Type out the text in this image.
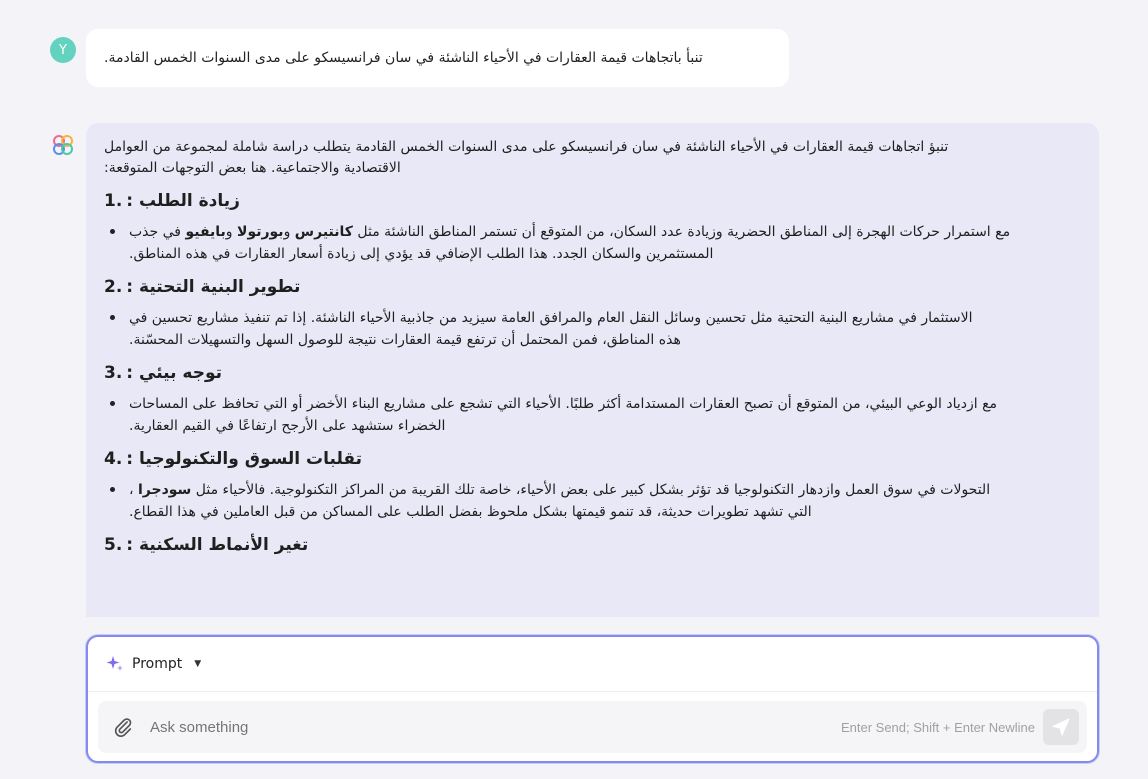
Y	تنبأ باتجاهات قيمة العقارات في الأحياء الناشئة في سان فرانسيسكو على مدى السنوات الخمس القادمة.

تنبؤ اتجاهات قيمة العقارات في الأحياء الناشئة في سان فرانسيسكو على مدى السنوات الخمس القادمة يتطلب دراسة شاملة لمجموعة من العوامل

الاقتصادية والاجتماعية. هنا بعض التوجهات المتوقعة:

1. زيادة الطلب :

مع استمرار حركات الهجرة إلى المناطق الحضرية وزيادة عدد السكان، من المتوقع أن تستمر المناطق الناشئة مثل كانتيرس وبورتولا وبايفيو في جذب

المستثمرين والسكان الجدد. هذا الطلب الإضافي قد يؤدي إلى زيادة أسعار العقارات في هذه المناطق.

2. تطوير البنية التحتية :

الاستثمار في مشاريع البنية التحتية مثل تحسين وسائل النقل العام والمرافق العامة سيزيد من جاذبية الأحياء الناشئة. إذا تم تنفيذ مشاريع تحسين في

هذه المناطق، فمن المحتمل أن ترتفع قيمة العقارات نتيجة للوصول السهل والتسهيلات المحسّنة.

3. توجه بيئي :

مع ازدياد الوعي البيئي، من المتوقع أن تصبح العقارات المستدامة أكثر طلبًا. الأحياء التي تشجع على مشاريع البناء الأخضر أو التي تحافظ على المساحات

الخضراء ستشهد على الأرجح ارتفاعًا في القيم العقارية.

4. تقلبات السوق والتكنولوجيا :

التحولات في سوق العمل وازدهار التكنولوجيا قد تؤثر بشكل كبير على بعض الأحياء، خاصة تلك القريبة من المراكز التكنولوجية. فالأحياء مثل سودجرا ،

التي تشهد تطويرات حديثة، قد تنمو قيمتها بشكل ملحوظ بفضل الطلب على المساكن من قبل العاملين في هذا القطاع.

5. تغير الأنماط السكنية :
Prompt ▼
Ask something
Enter Send; Shift + Enter Newline
